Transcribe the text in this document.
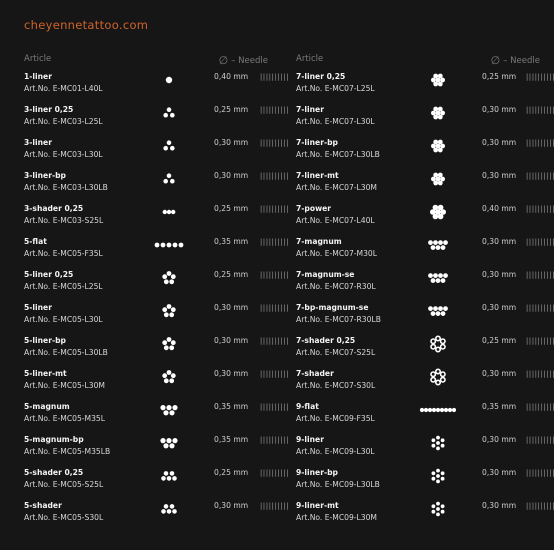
cheyennetattoo.com
Article	∅ – Needle
1-liner
Art.No. E-MC01-L40L
0,40 mm ||||||||||
3-liner 0,25
Art.No. E-MC03-L25L
0,25 mm ||||||||||
3-liner
Art.No. E-MC03-L30L
0,30 mm ||||||||||
3-liner-bp
Art.No. E-MC03-L30LB
0,30 mm ||||||||||
3-shader 0,25
Art.No. E-MC03-S25L
0,25 mm ||||||||||
5-flat
Art.No. E-MC05-F35L
0,35 mm ||||||||||
5-liner 0,25
Art.No. E-MC05-L25L
0,25 mm ||||||||||
5-liner
Art.No. E-MC05-L30L
0,30 mm ||||||||||
5-liner-bp
Art.No. E-MC05-L30LB
0,30 mm ||||||||||
5-liner-mt
Art.No. E-MC05-L30M
0,30 mm ||||||||||
5-magnum
Art.No. E-MC05-M35L
0,35 mm ||||||||||
5-magnum-bp
Art.No. E-MC05-M35LB
0,35 mm ||||||||||
5-shader 0,25
Art.No. E-MC05-S25L
0,25 mm ||||||||||
5-shader
Art.No. E-MC05-S30L
0,30 mm ||||||||||
Article	∅ – Needle
7-liner 0,25
Art.No. E-MC07-L25L
0,25 mm ||||||||||
7-liner
Art.No. E-MC07-L30L
0,30 mm ||||||||||
7-liner-bp
Art.No. E-MC07-L30LB
0,30 mm ||||||||||
7-liner-mt
Art.No. E-MC07-L30M
0,30 mm ||||||||||
7-power
Art.No. E-MC07-L40L
0,40 mm ||||||||||
7-magnum
Art.No. E-MC07-M30L
0,30 mm ||||||||||
7-magnum-se
Art.No. E-MC07-R30L
0,30 mm ||||||||||
7-bp-magnum-se
Art.No. E-MC07-R30LB
0,30 mm ||||||||||
7-shader 0,25
Art.No. E-MC07-S25L
0,25 mm ||||||||||
7-shader
Art.No. E-MC07-S30L
0,30 mm ||||||||||
9-flat
Art.No. E-MC09-F35L
0,35 mm ||||||||||
9-liner
Art.No. E-MC09-L30L
0,30 mm ||||||||||
9-liner-bp
Art.No. E-MC09-L30LB
0,30 mm ||||||||||
9-liner-mt
Art.No. E-MC09-L30M
0,30 mm ||||||||||
